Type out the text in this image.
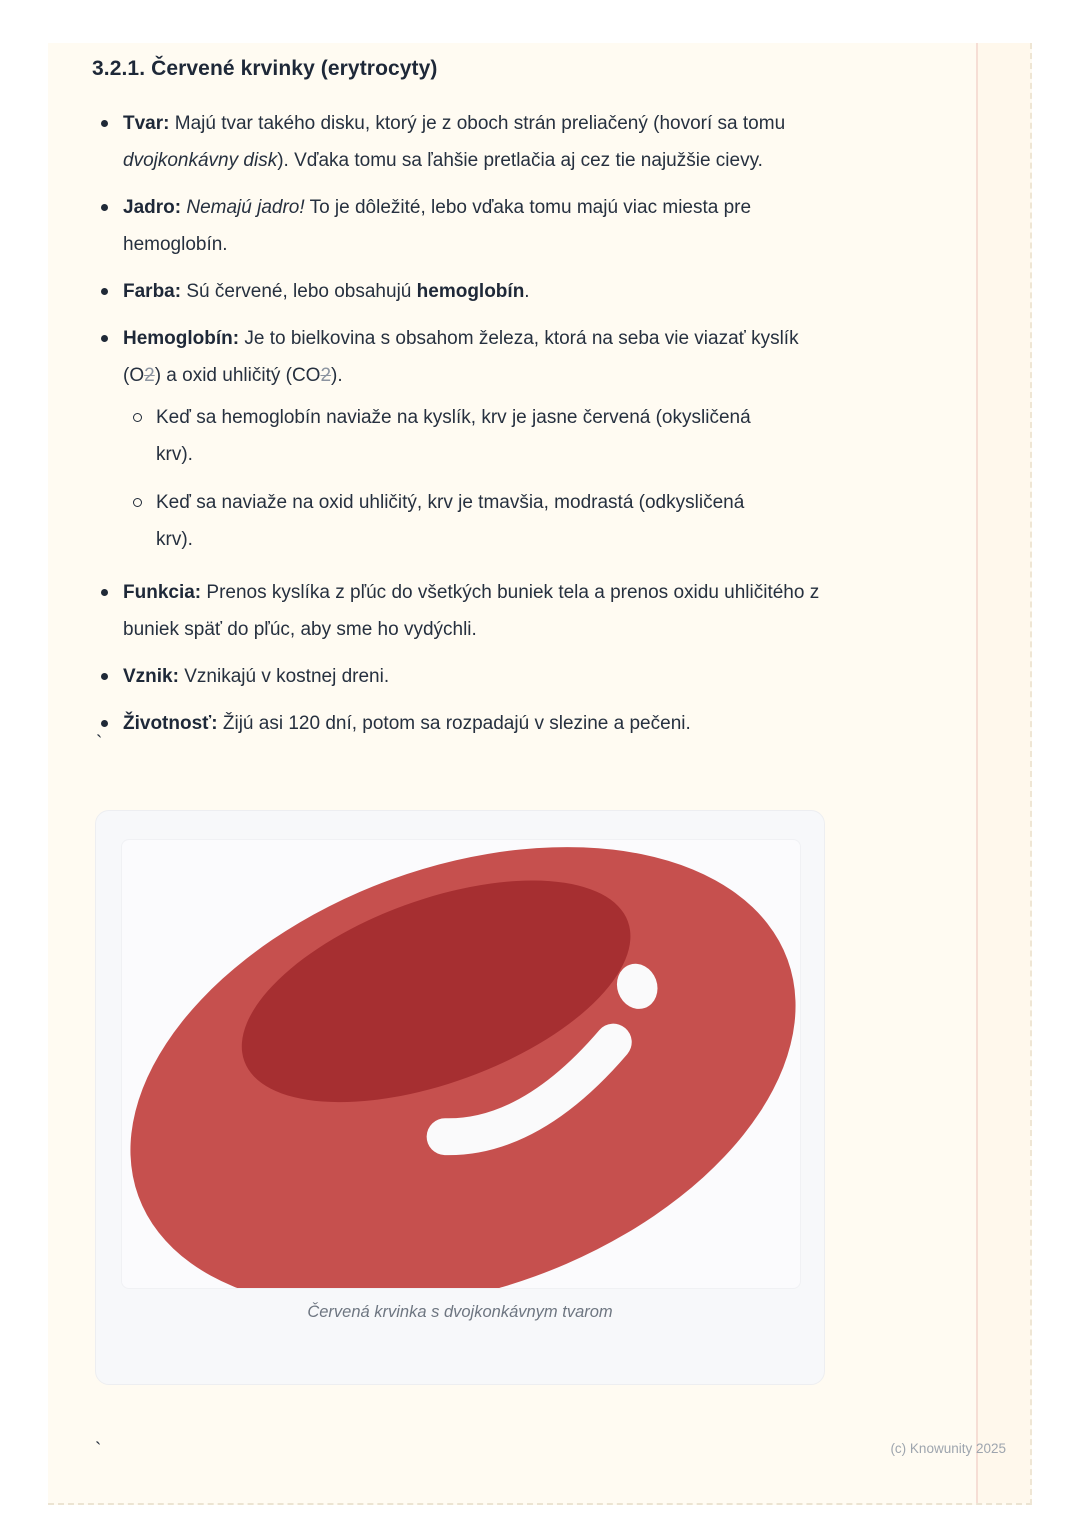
3.2.1. Červené krvinky (erytrocyty)
Tvar: Majú tvar takého disku, ktorý je z oboch strán preliačený (hovorí sa tomu dvojkonkávny disk). Vďaka tomu sa ľahšie pretlačia aj cez tie najužšie cievy.
Jadro: Nemajú jadro! To je dôležité, lebo vďaka tomu majú viac miesta pre hemoglobín.
Farba: Sú červené, lebo obsahujú hemoglobín.
Hemoglobín: Je to bielkovina s obsahom železa, ktorá na seba vie viazať kyslík (O2) a oxid uhličitý (CO2).
Keď sa hemoglobín naviaže na kyslík, krv je jasne červená (okysličená krv).
Keď sa naviaže na oxid uhličitý, krv je tmavšia, modrastá (odkysličená krv).
Funkcia: Prenos kyslíka z pľúc do všetkých buniek tela a prenos oxidu uhličitého z buniek späť do pľúc, aby sme ho vydýchli.
Vznik: Vznikajú v kostnej dreni.
Životnosť: Žijú asi 120 dní, potom sa rozpadajú v slezine a pečeni.
`
Červená krvinka s dvojkonkávnym tvarom
`	(c) Knowunity 2025
